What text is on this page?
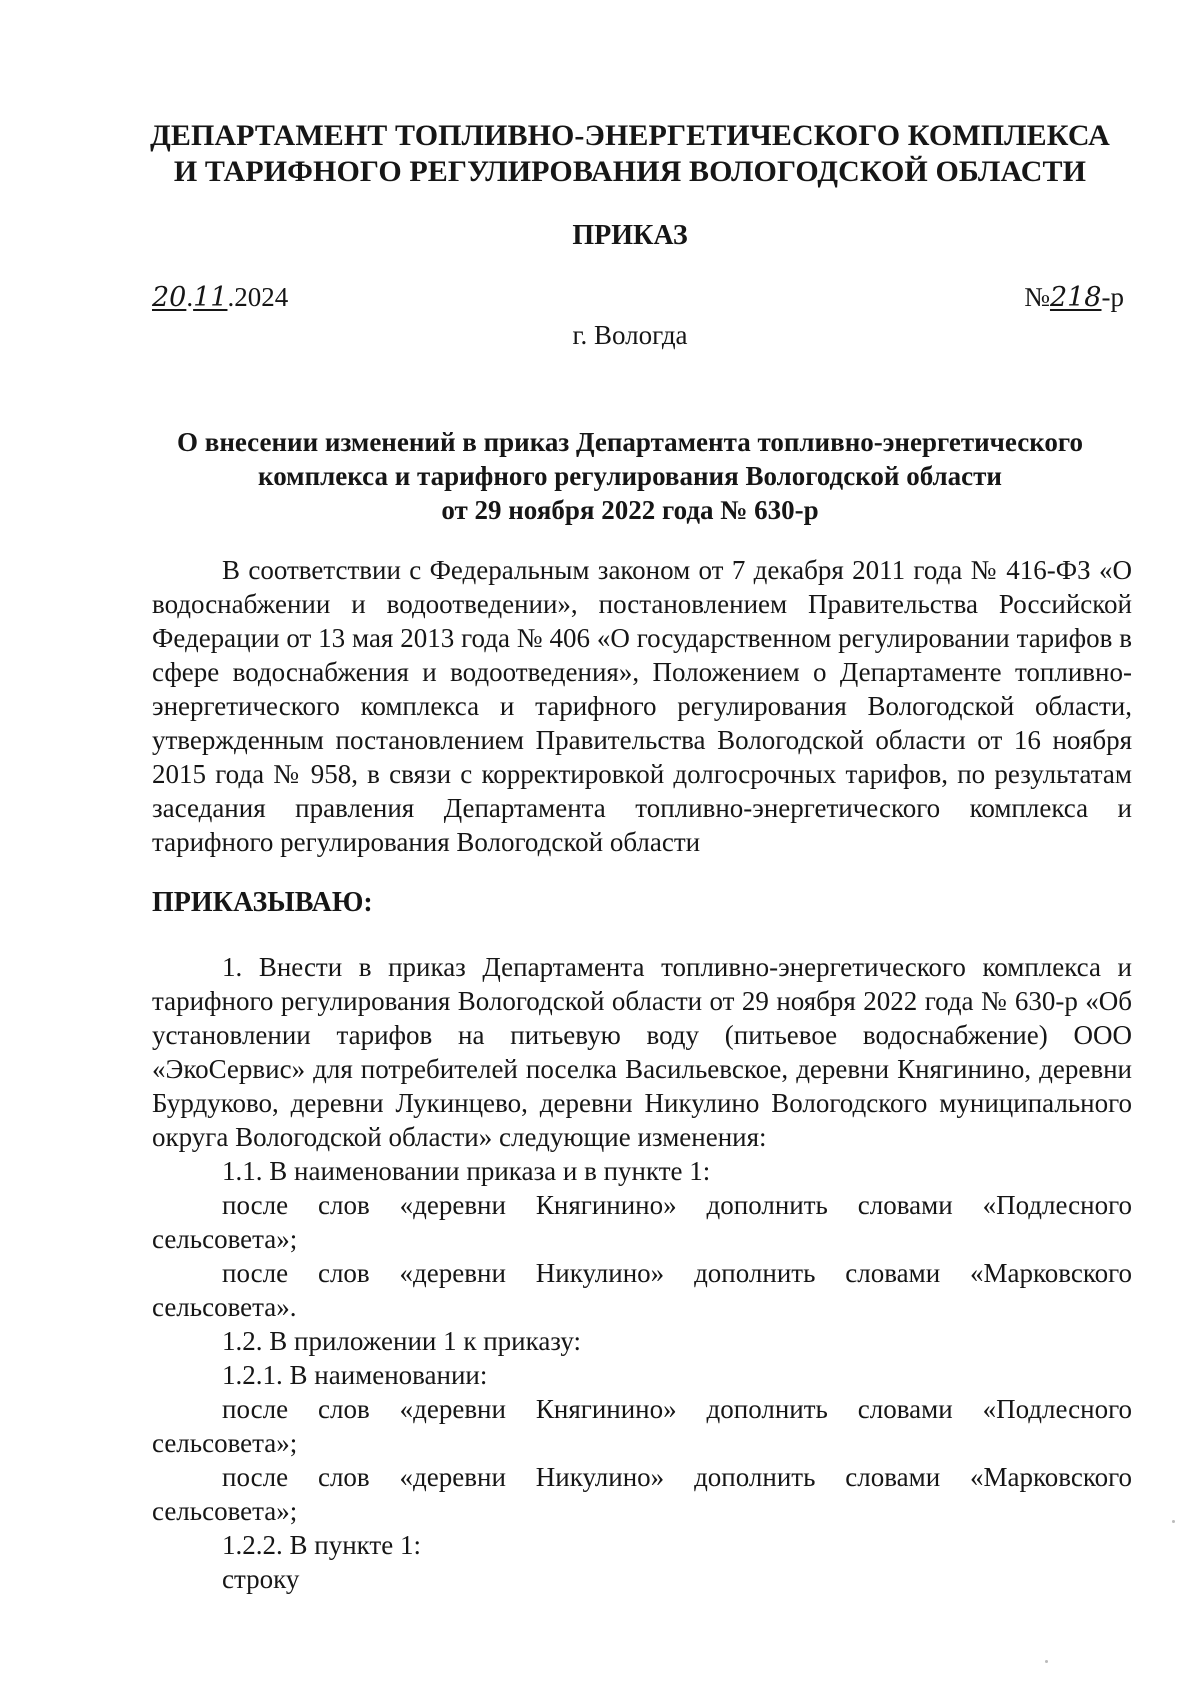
ДЕПАРТАМЕНТ ТОПЛИВНО-ЭНЕРГЕТИЧЕСКОГО КОМПЛЕКСА
И ТАРИФНОГО РЕГУЛИРОВАНИЯ ВОЛОГОДСКОЙ ОБЛАСТИ
ПРИКАЗ
20.11.2024	№218-р
г. Вологда
О внесении изменений в приказ Департамента топливно-энергетического
комплекса и тарифного регулирования Вологодской области
от 29 ноября 2022 года № 630-р

В соответствии с Федеральным законом от 7 декабря 2011 года № 416-ФЗ «О водоснабжении и водоотведении», постановлением Правительства Российской Федерации от 13 мая 2013 года № 406 «О государственном регулировании тарифов в сфере водоснабжения и водоотведения», Положением о Департаменте топливно-энергетического комплекса и тарифного регулирования Вологодской области, утвержденным постановлением Правительства Вологодской области от 16 ноября 2015 года № 958, в связи с корректировкой долгосрочных тарифов, по результатам заседания правления Департамента топливно-энергетического комплекса и тарифного регулирования Вологодской области

ПРИКАЗЫВАЮ:

1. Внести в приказ Департамента топливно-энергетического комплекса и тарифного регулирования Вологодской области от 29 ноября 2022 года № 630-р «Об установлении тарифов на питьевую воду (питьевое водоснабжение) ООО «ЭкоСервис» для потребителей поселка Васильевское, деревни Княгинино, деревни Бурдуково, деревни Лукинцево, деревни Никулино Вологодского муниципального округа Вологодской области» следующие изменения:

1.1. В наименовании приказа и в пункте 1:

после слов «деревни Княгинино» дополнить словами «Подлесного сельсовета»;

после слов «деревни Никулино» дополнить словами «Марковского сельсовета».

1.2. В приложении 1 к приказу:

1.2.1. В наименовании:

после слов «деревни Княгинино» дополнить словами «Подлесного сельсовета»;

после слов «деревни Никулино» дополнить словами «Марковского сельсовета»;

1.2.2. В пункте 1:

строку
